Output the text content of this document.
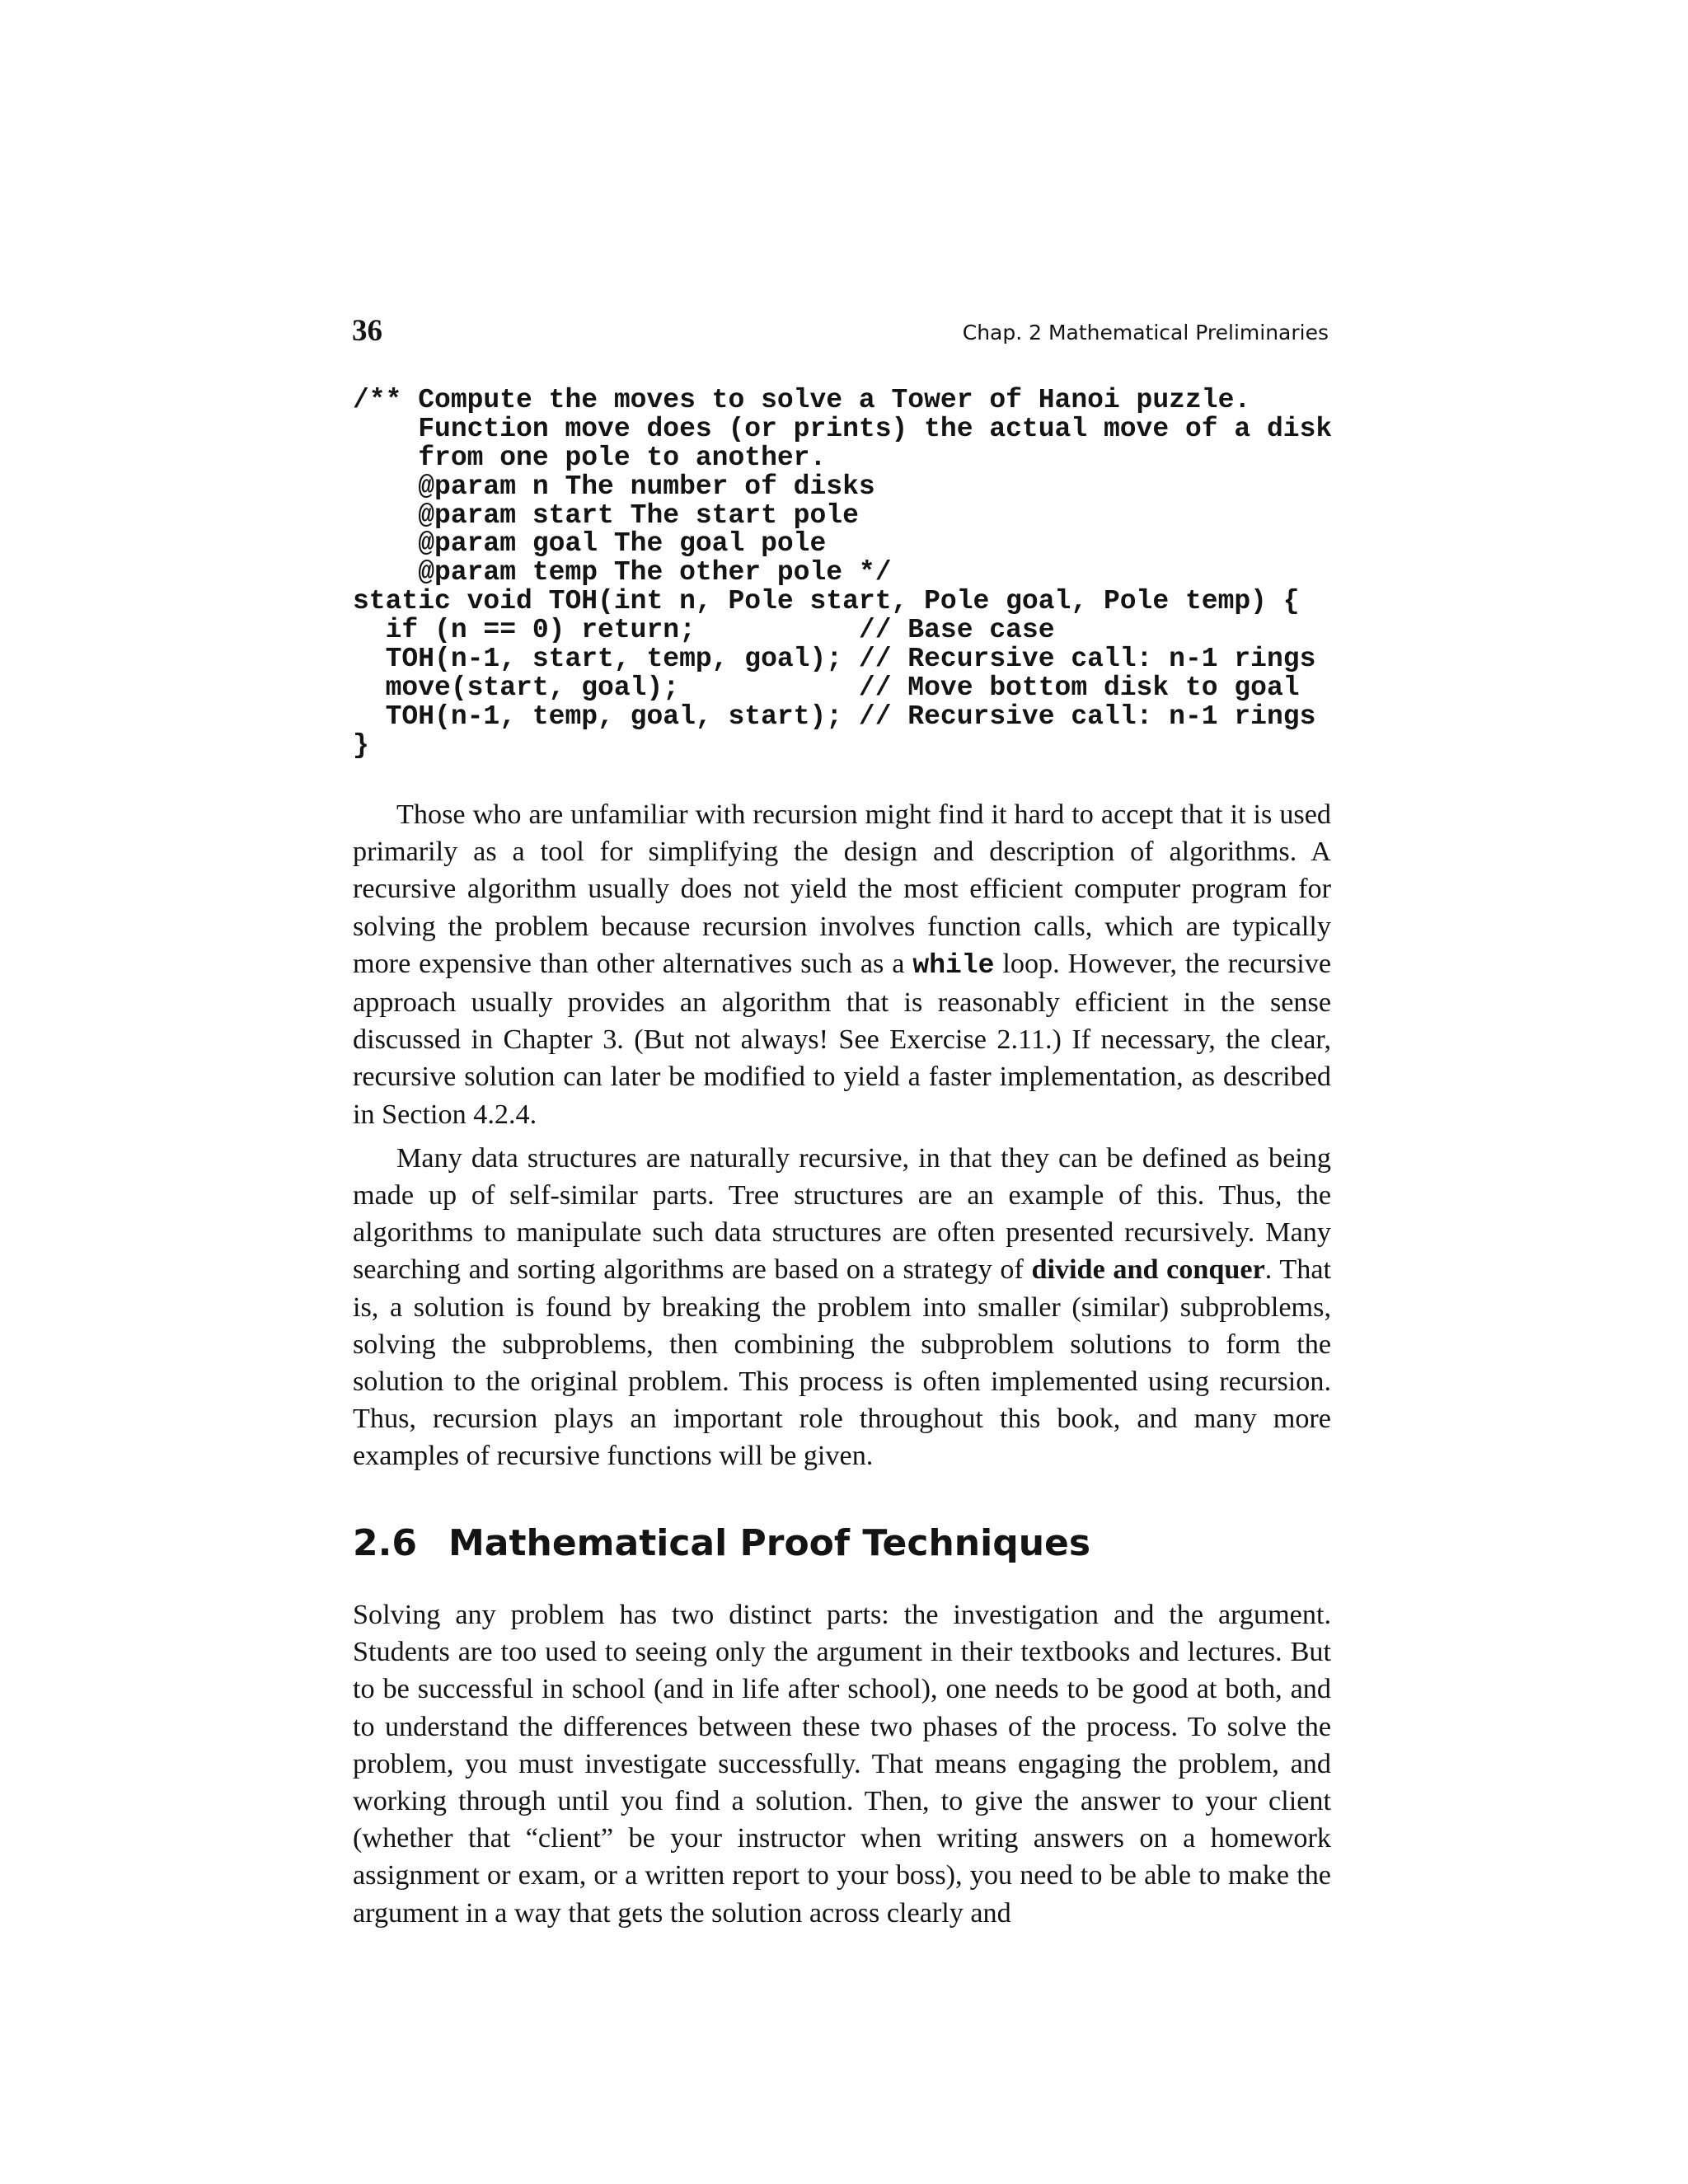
36	Chap. 2 Mathematical Preliminaries
/** Compute the moves to solve a Tower of Hanoi puzzle.
Function move does (or prints) the actual move of a disk
from one pole to another.
@param n The number of disks
@param start The start pole
@param goal The goal pole
@param temp The other pole */
static void TOH(int n, Pole start, Pole goal, Pole temp) {
if (n == 0) return;          // Base case
TOH(n-1, start, temp, goal); // Recursive call: n-1 rings
move(start, goal);           // Move bottom disk to goal
TOH(n-1, temp, goal, start); // Recursive call: n-1 rings
}

Those who are unfamiliar with recursion might find it hard to accept that it is used primarily as a tool for simplifying the design and description of algorithms. A recursive algorithm usually does not yield the most efficient computer program for solving the problem because recursion involves function calls, which are typically more expensive than other alternatives such as a while loop. However, the recursive approach usually provides an algorithm that is reasonably efficient in the sense discussed in Chapter 3. (But not always! See Exercise 2.11.) If necessary, the clear, recursive solution can later be modified to yield a faster implementation, as described in Section 4.2.4.

Many data structures are naturally recursive, in that they can be defined as being made up of self-similar parts. Tree structures are an example of this. Thus, the algorithms to manipulate such data structures are often presented recursively. Many searching and sorting algorithms are based on a strategy of divide and conquer. That is, a solution is found by breaking the problem into smaller (similar) subproblems, solving the subproblems, then combining the subproblem solutions to form the solution to the original problem. This process is often implemented using recursion. Thus, recursion plays an important role throughout this book, and many more examples of recursive functions will be given.

2.6 Mathematical Proof Techniques

Solving any problem has two distinct parts: the investigation and the argument. Students are too used to seeing only the argument in their textbooks and lectures. But to be successful in school (and in life after school), one needs to be good at both, and to understand the differences between these two phases of the process. To solve the problem, you must investigate successfully. That means engaging the problem, and working through until you find a solution. Then, to give the answer to your client (whether that “client” be your instructor when writing answers on a homework assignment or exam, or a written report to your boss), you need to be able to make the argument in a way that gets the solution across clearly and
